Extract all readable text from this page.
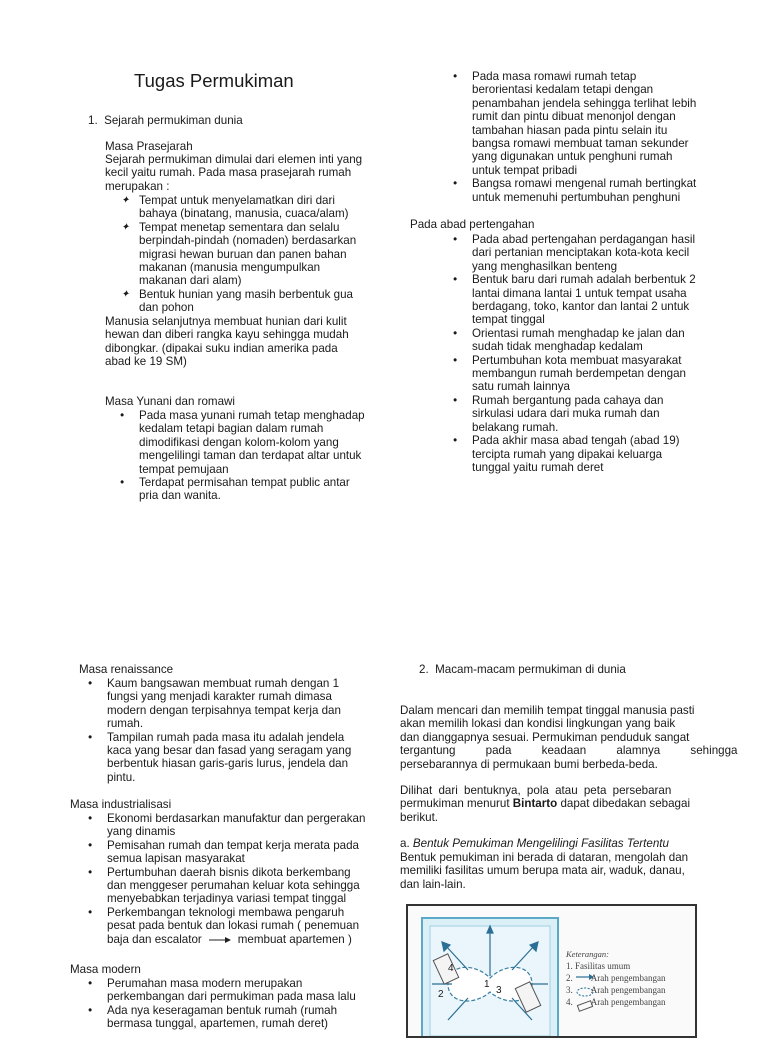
Tugas Permukiman
1.  Sejarah permukiman dunia
Masa Prasejarah
Sejarah permukiman dimulai dari elemen inti yang
kecil yaitu rumah. Pada masa prasejarah rumah
merupakan :
✦ Tempat untuk menyelamatkan diri dari
bahaya (binatang, manusia, cuaca/alam)
✦ Tempat menetap sementara dan selalu
berpindah-pindah (nomaden) berdasarkan
migrasi hewan buruan dan panen bahan
makanan (manusia mengumpulkan
makanan dari alam)
✦ Bentuk hunian yang masih berbentuk gua
dan pohon
Manusia selanjutnya membuat hunian dari kulit
hewan dan diberi rangka kayu sehingga mudah
dibongkar. (dipakai suku indian amerika pada
abad ke 19 SM)
Masa Yunani dan romawi
• Pada masa yunani rumah tetap menghadap
kedalam tetapi bagian dalam rumah
dimodifikasi dengan kolom-kolom yang
mengelilingi taman dan terdapat altar untuk
tempat pemujaan
• Terdapat permisahan tempat public antar
pria dan wanita.
• Pada masa romawi rumah tetap
berorientasi kedalam tetapi dengan
penambahan jendela sehingga terlihat lebih
rumit dan pintu dibuat menonjol dengan
tambahan hiasan pada pintu selain itu
bangsa romawi membuat taman sekunder
yang digunakan untuk penghuni rumah
untuk tempat pribadi
• Bangsa romawi mengenal rumah bertingkat
untuk memenuhi pertumbuhan penghuni
Pada abad pertengahan
• Pada abad pertengahan perdagangan hasil
dari pertanian menciptakan kota-kota kecil
yang menghasilkan benteng
• Bentuk baru dari rumah adalah berbentuk 2
lantai dimana lantai 1 untuk tempat usaha
berdagang, toko, kantor dan lantai 2 untuk
tempat tinggal
• Orientasi rumah menghadap ke jalan dan
sudah tidak menghadap kedalam
• Pertumbuhan kota membuat masyarakat
membangun rumah berdempetan dengan
satu rumah lainnya
• Rumah bergantung pada cahaya dan
sirkulasi udara dari muka rumah dan
belakang rumah.
• Pada akhir masa abad tengah (abad 19)
tercipta rumah yang dipakai keluarga
tunggal yaitu rumah deret
Masa renaissance
• Kaum bangsawan membuat rumah dengan 1
fungsi yang menjadi karakter rumah dimasa
modern dengan terpisahnya tempat kerja dan
rumah.
• Tampilan rumah pada masa itu adalah jendela
kaca yang besar dan fasad yang seragam yang
berbentuk hiasan garis-garis lurus, jendela dan
pintu.
Masa industrialisasi
• Ekonomi berdasarkan manufaktur dan pergerakan
yang dinamis
• Pemisahan rumah dan tempat kerja merata pada
semua lapisan masyarakat
• Pertumbuhan daerah bisnis dikota berkembang
dan menggeser perumahan keluar kota sehingga
menyebabkan terjadinya variasi tempat tinggal
• Perkembangan teknologi membawa pengaruh
pesat pada bentuk dan lokasi rumah ( penemuan
baja dan escalator	membuat apartemen )
Masa modern
• Perumahan masa modern merupakan
perkembangan dari permukiman pada masa lalu
• Ada nya keseragaman bentuk rumah (rumah
bermasa tunggal, apartemen, rumah deret)
2.  Macam-macam permukiman di dunia
Dalam mencari dan memilih tempat tinggal manusia pasti
akan memilih lokasi dan kondisi lingkungan yang baik
dan dianggapnya sesuai. Permukiman penduduk sangat
tergantung pada keadaan alamnya sehingga
persebarannya di permukaan bumi berbeda-beda.
Dilihat dari bentuknya, pola atau peta persebaran
permukiman menurut Bintarto dapat dibedakan sebagai
berikut.
a. Bentuk Pemukiman Mengelilingi Fasilitas Tertentu
Bentuk pemukiman ini berada di dataran, mengolah dan
memiliki fasilitas umum berupa mata air, waduk, danau,
dan lain-lain.
4
1
3
2
Keterangan:
1. Fasilitas umum
2. Arah pengembangan
3. Arah pengembangan
4. Arah pengembangan
